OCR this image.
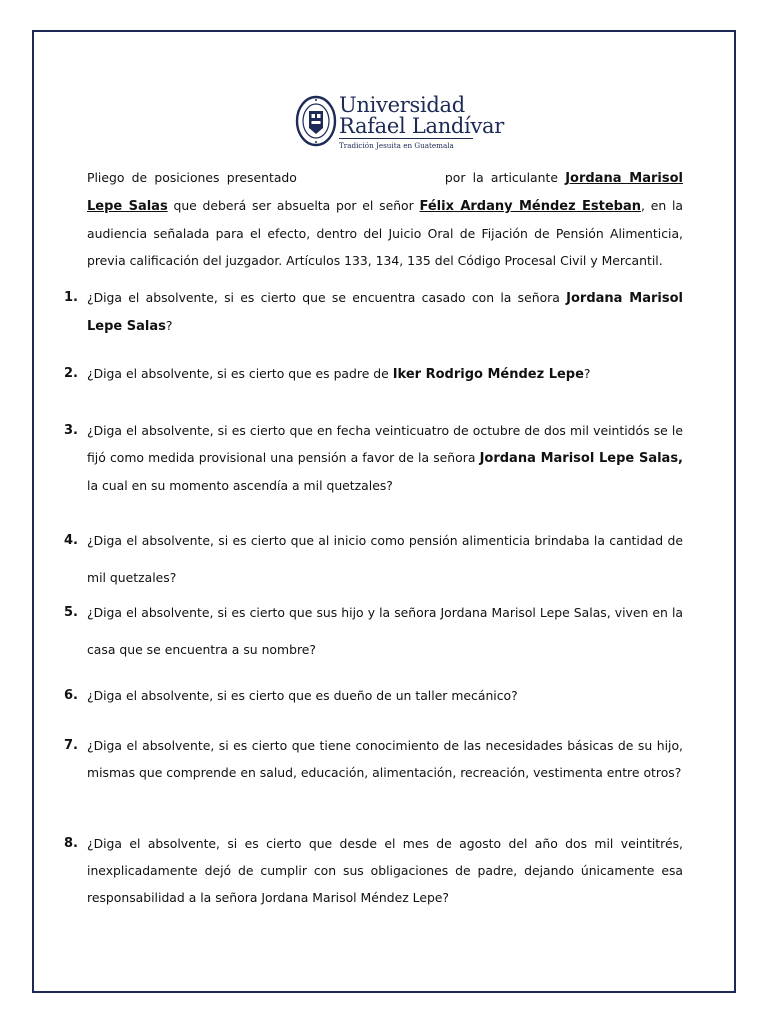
Universidad
Rafael Landívar
Tradición Jesuita en Guatemala
Pliego de posiciones presentado	por la articulante Jordana Marisol Lepe Salas que deberá ser absuelta por el señor Félix Ardany Méndez Esteban, en la audiencia señalada para el efecto, dentro del Juicio Oral de Fijación de Pensión Alimenticia, previa calificación del juzgador. Artículos 133, 134, 135 del Código Procesal Civil y Mercantil.
1. ¿Diga el absolvente, si es cierto que se encuentra casado con la señora Jordana Marisol Lepe Salas?
2. ¿Diga el absolvente, si es cierto que es padre de Iker Rodrigo Méndez Lepe?
3. ¿Diga el absolvente, si es cierto que en fecha veinticuatro de octubre de dos mil veintidós se le fijó como medida provisional una pensión a favor de la señora Jordana Marisol Lepe Salas, la cual en su momento ascendía a mil quetzales?
4. ¿Diga el absolvente, si es cierto que al inicio como pensión alimenticia brindaba la cantidad de mil quetzales?
5. ¿Diga el absolvente, si es cierto que sus hijo y la señora Jordana Marisol Lepe Salas, viven en la casa que se encuentra a su nombre?
6. ¿Diga el absolvente, si es cierto que es dueño de un taller mecánico?
7. ¿Diga el absolvente, si es cierto que tiene conocimiento de las necesidades básicas de su hijo, mismas que comprende en salud, educación, alimentación, recreación, vestimenta entre otros?
8. ¿Diga el absolvente, si es cierto que desde el mes de agosto del año dos mil veintitrés, inexplicadamente dejó de cumplir con sus obligaciones de padre, dejando únicamente esa responsabilidad a la señora Jordana Marisol Méndez Lepe?
